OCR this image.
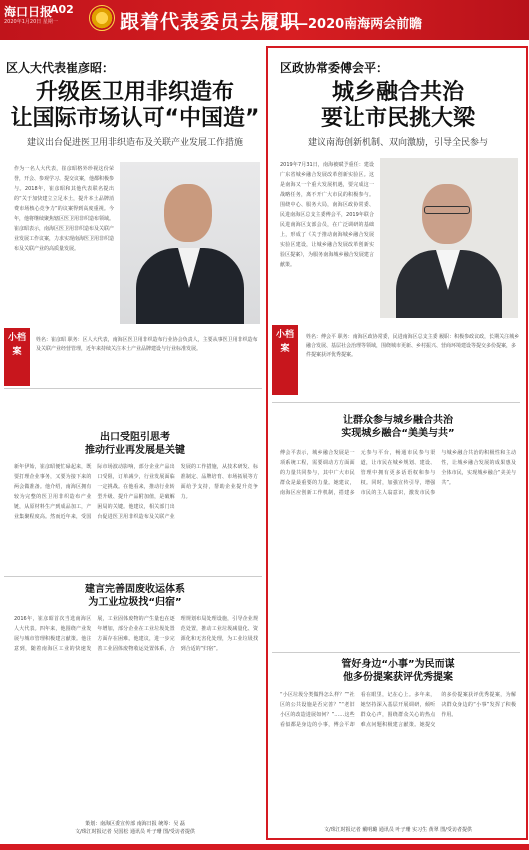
海口日报
A02
2020年1月20日 星期一	跟着代表委员去履职
——2020南海两会前瞻
区人大代表崔彦昭：
升级医卫用非织造布
让国际市场认可“中国造”
建议出台促进医卫用非织造布及关联产业发展工作措施
作为一名人大代表，崔彦昭格外珍视这份荣誉，开会、参观学习、提交议案，他都积极参与。2018年，崔彦昭和其他代表联名提出的“关于加快建立立足本土，提升本土品牌消费市场核心竞争力”的议案得到高度重视。今年，他将继续聚焦辖区医卫用非织造布领域。崔彦昭表示，南海区医卫用非织造布及关联产业发展工作议案，力求实现南海医卫用非织造布及关联产业的高质量发展。
小档案
姓名：崔彦昭 职务：区人大代表，南海区医卫用非织造布行业协会负责人，主要从事医卫用非织造布及关联产业经营管理，近年来持续关注本土产业品牌建设与行业标准发展。
出口受阻引思考
推动行业再发展是关键
新年伊始，崔彦昭便忙碌起来，既要打理企业事务，又要为接下来的两会做准备。他介绍，南海区拥有较为完整的医卫用非织造布产业链，从原材料生产到成品加工，产业集聚程度高。然而近年来，受国际市场波动影响，部分企业产品出口受阻，订单减少，行业发展面临一定挑战。在他看来，推动行业转型升级、提升产品附加值，是破解困局的关键。他建议，相关部门出台促进医卫用非织造布及关联产业发展的工作措施，从技术研发、标准制定、品牌培育、市场拓展等方面给予支持，帮助企业提升竞争力。
建言完善固废收运体系
为工业垃圾找“归宿”
2016年，崔彦昭首次当选南海区人大代表。四年来，他围绕产业发展与城市管理积极建言献策。他注意到，随着南海区工业的快速发展，工业固体废物的产生量也在逐年增加，部分企业在工业垃圾处置方面存在困难。他建议，进一步完善工业固体废物收运处置体系，合理规划布局处理设施，引导企业规范处置，推动工业垃圾减量化、资源化和无害化处理，为工业垃圾找到合适的“归宿”。
策划：南海区委宣传部 南海日报 统筹：吴 磊
文/珠江时报记者 吴国松 通讯员 叶子珊 图/受访者提供
区政协常委傅会平：
城乡融合共治
要让市民挑大梁
建议南海创新机制、双向激励，引导全民参与
2019年7月31日，南海被赋予重任：建设广东省城乡融合发展改革创新实验区。这是南海又一个重大发展机遇，要完成这一战略任务，离不开广大市民的积极参与。围绕中心、服务大局，南海区政协常委、民进南海区总支主委傅会平，2019年联合民进南海区支部会员，在广泛调研的基础上，形成了《关于推动南海城乡融合发展实验区建设，让城乡融合发展改革创新实验区提案》，为服务南海城乡融合发展建言献策。
小档案
姓名：傅会平 职务：南海区政协常委，民进南海区总支主委 履职：积极参政议政，长期关注城乡融合发展、基层社会治理等领域，围绕城市更新、乡村振兴、营商环境建设等提交多份提案，多件提案获评优秀提案。
让群众参与城乡融合共治
实现城乡融合“美美与共”
傅会平表示，城乡融合发展是一项系统工程，需要调动方方面面的力量共同参与，其中广大市民群众是最重要的力量。她建议，南海区应创新工作机制，搭建多元参与平台，畅通市民参与渠道，让市民在城乡规划、建设、管理中拥有更多话语权和参与权。同时，加强宣传引导，增强市民的主人翁意识，激发市民参与城乡融合共治的积极性和主动性，让城乡融合发展的成果惠及全体市民，实现城乡融合“美美与共”。
管好身边“小事”为民而谋
他多份提案获评优秀提案
“小区垃圾分类做得怎么样？”“社区的公共设施是否完善？”“老旧小区的改造进展如何？”……这些看似都是身边的小事，傅会平却看在眼里，记在心上。多年来，她坚持深入基层开展调研，倾听群众心声，围绕群众关心的热点难点问题积极建言献策。她提交的多份提案获评优秀提案，为解决群众身边的“小事”发挥了积极作用。
文/珠江时报记者 戴明璐 通讯员 叶子珊 实习生 黄翠 图/受访者提供
